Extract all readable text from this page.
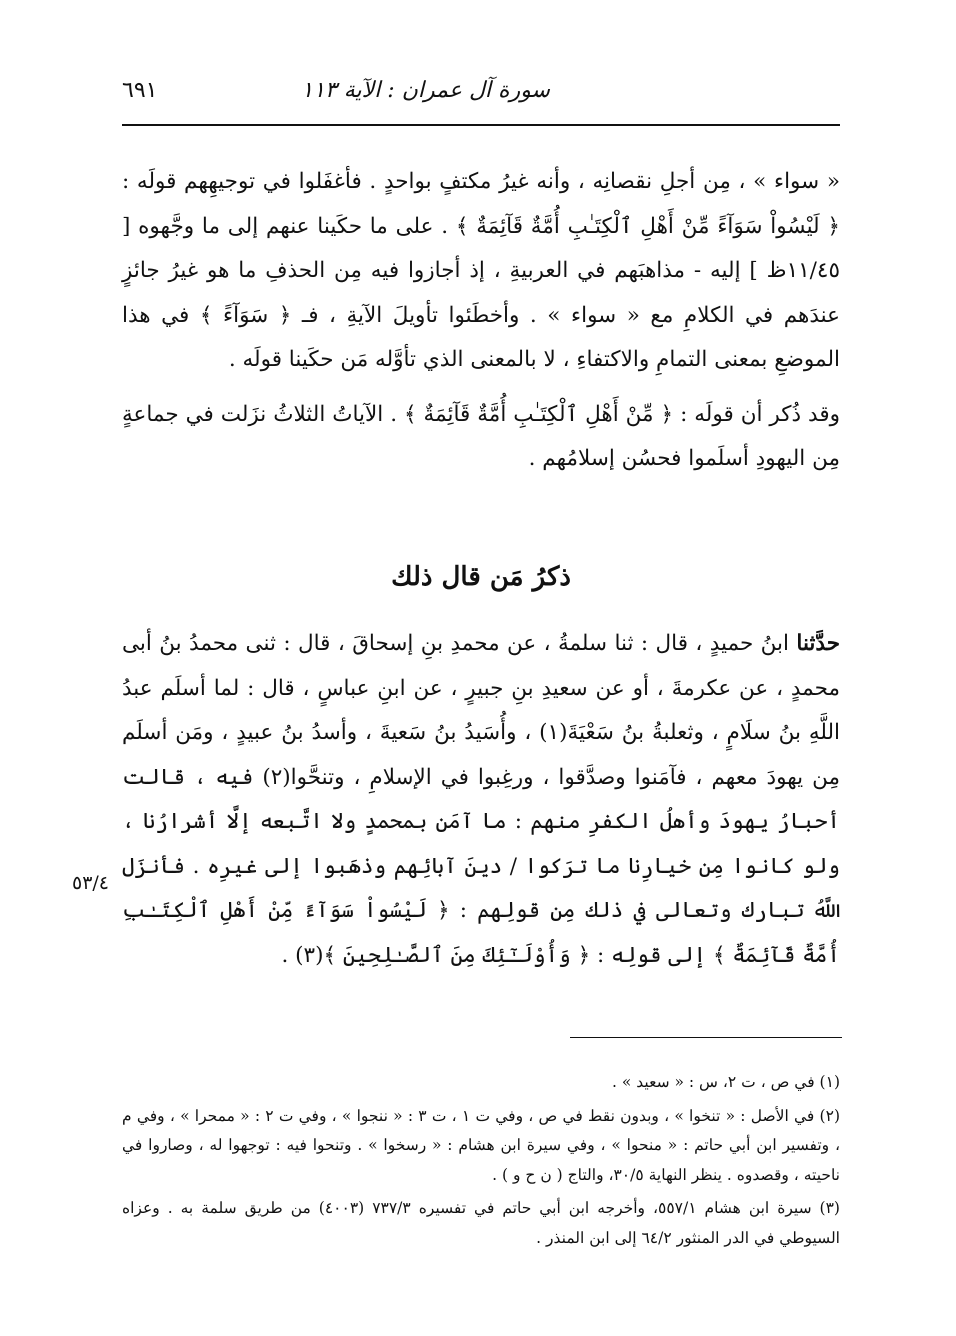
سورة آل عمران : الآية ١١٣
٦٩١

« سواء » ، مِن أجلِ نقصانِه ، وأنه غيرُ مكتفٍ بواحدٍ . فأغفَلوا في توجيهِهم قولَه : ﴿ لَيْسُواْ سَوَآءً مِّنْ أَهْلِ ٱلْكِتَـٰبِ أُمَّةٌ قَآئِمَةٌ ﴾ . على ما حكَينا عنهم إلى ما وجَّهوه [ ١١/٤٥ظ ] إليه - مذاهبَهم في العربيةِ ، إذ أجازوا فيه مِن الحذفِ ما هو غيرُ جائزٍ عندَهم في الكلامِ مع « سواء » . وأخطَئوا تأويلَ الآيةِ ، فـ ﴿ سَوَآءً ﴾ في هذا الموضعِ بمعنى التمامِ والاكتفاءِ ، لا بالمعنى الذي تأوَّله مَن حكَينا قولَه .

وقد ذُكر أن قولَه : ﴿ مِّنْ أَهْلِ ٱلْكِتَـٰبِ أُمَّةٌ قَآئِمَةٌ ﴾ . الآياتُ الثلاثُ نزَلت في جماعةٍ مِن اليهودِ أسلَموا فحسُن إسلامُهم .

ذكرُ مَن قال ذلك

حدَّثنا ابنُ حميدٍ ، قال : ثنا سلمةُ ، عن محمدِ بنِ إسحاقَ ، قال : ثنى محمدُ بنُ أبى محمدٍ ، عن عكرمةَ ، أو عن سعيدِ بنِ جبيرٍ ، عن ابنِ عباسٍ ، قال : لما أسلَم عبدُ اللَّهِ بنُ سلَامٍ ، وثعلبةُ بنُ سَعْيَةَ(١) ، وأُسَيدُ بنُ سَعيةَ ، وأسدُ بنُ عبيدٍ ، ومَن أسلَم مِن يهودَ معهم ، فآمَنوا وصدَّقوا ، ورغِبوا في الإسلامِ ، وتنحَّوا(٢) فيه ، قالت أحبارُ يهودَ وأهلُ الكفرِ منهم : ما آمَن بمحمدٍ ولا اتَّبعه إلَّا أشرارُنا ، ولو كانوا مِن خيارِنا ما ترَكوا / دينَ آبائِهم وذهَبوا إلى غيرِه . فأنزَل اللَّهُ تبارك وتعالى في ذلك مِن قولِهم : ﴿ لَيْسُواْ سَوَآءً مِّنْ أَهْلِ ٱلْكِتَـٰبِ أُمَّةٌ قَآئِمَةٌ ﴾ إلى قولِه : ﴿ وَأُوْلَـٰٓئِكَ مِنَ ٱلصَّـٰلِحِينَ ﴾(٣) .

٥٣/٤

(١) في ص ، ت ٢، س : « سعيد » .

(٢) في الأصل : « تنخوا » ، وبدون نقط في ص ، وفي ت ١ ، ت ٣ : « ننجوا » ، وفي ت ٢ : « ممحرا » ، وفي م ، وتفسير ابن أبي حاتم : « منحوا » ، وفي سيرة ابن هشام : « رسخوا » . وتنحوا فيه : توجهوا له ، وصاروا في ناحيته ، وقصدوه . ينظر النهاية ٣٠/٥، والتاج ( ن ح و ) .

(٣) سيرة ابن هشام ٥٥٧/١، وأخرجه ابن أبي حاتم في تفسيره ٧٣٧/٣ (٤٠٠٣) من طريق سلمة به . وعزاه السيوطي في الدر المنثور ٦٤/٢ إلى ابن المنذر .
